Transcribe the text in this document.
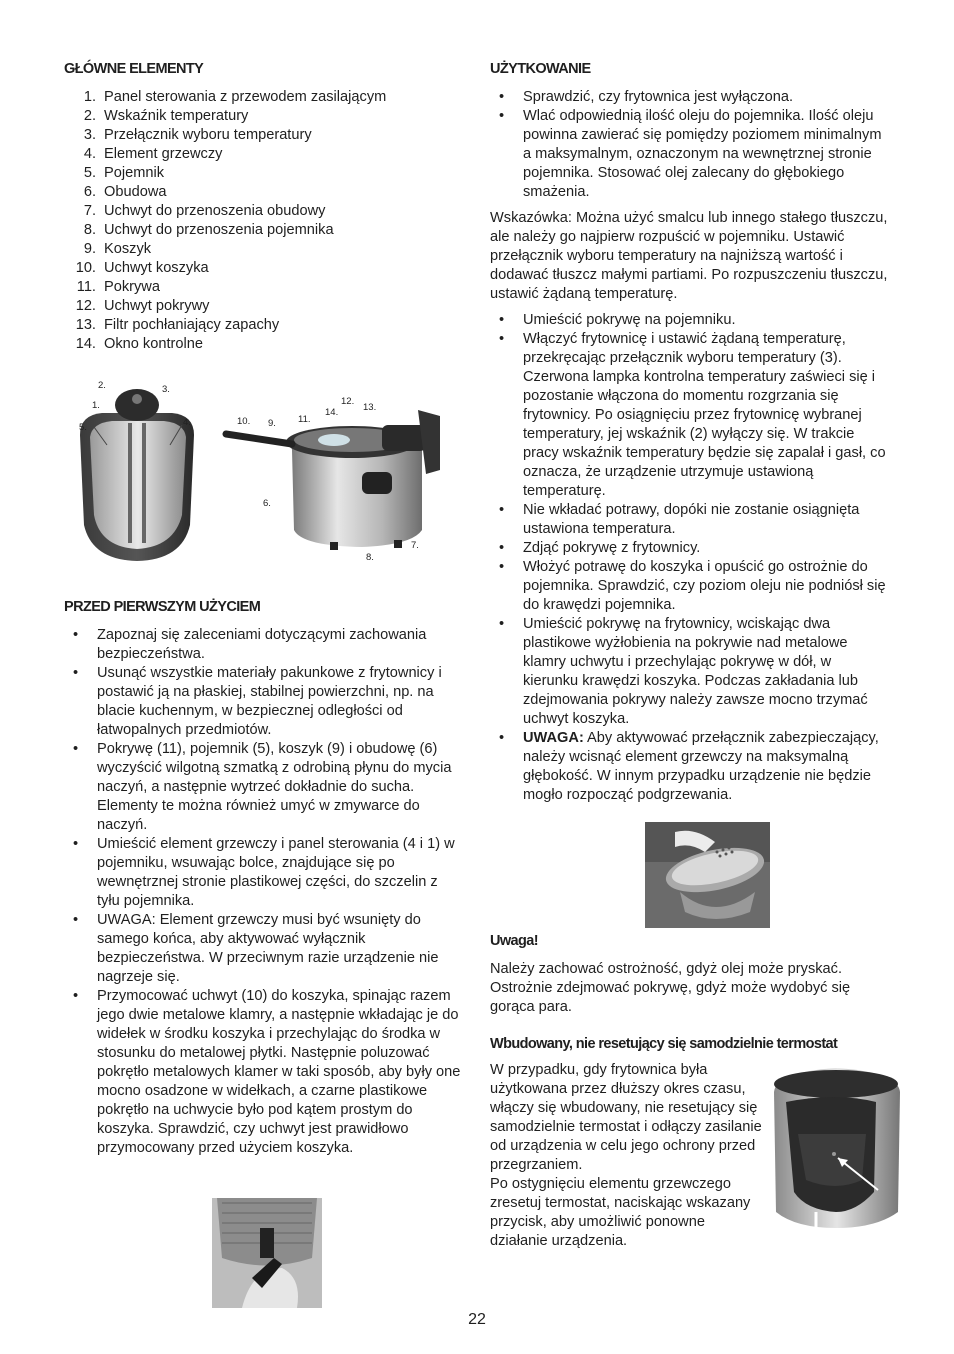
GŁÓWNE ELEMENTY
1. Panel sterowania z przewodem zasilającym
2. Wskaźnik temperatury
3. Przełącznik wyboru temperatury
4. Element grzewczy
5. Pojemnik
6. Obudowa
7. Uchwyt do przenoszenia obudowy
8. Uchwyt do przenoszenia pojemnika
9. Koszyk
10. Uchwyt koszyka
11. Pokrywa
12. Uchwyt pokrywy
13. Filtr pochłaniający zapachy
14. Okno kontrolne
2.	3.
1.
5.	4.
12.
14.	13.
10. 9. 11.
6.
7.
8.
PRZED PIERWSZYM UŻYCIEM
• Zapoznaj się zaleceniami dotyczącymi zachowania bezpieczeństwa.
• Usunąć wszystkie materiały pakunkowe z frytownicy i postawić ją na płaskiej, stabilnej powierzchni, np. na blacie kuchennym, w bezpiecznej odległości od łatwopalnych przedmiotów.
• Pokrywę (11), pojemnik (5), koszyk (9) i obudowę (6) wyczyścić wilgotną szmatką z odrobiną płynu do mycia naczyń, a następnie wytrzeć dokładnie do sucha. Elementy te można również umyć w zmywarce do naczyń.
• Umieścić element grzewczy i panel sterowania (4 i 1) w pojemniku, wsuwając bolce, znajdujące się po wewnętrznej stronie plastikowej części, do szczelin z tyłu pojemnika.
• UWAGA: Element grzewczy musi być wsunięty do samego końca, aby aktywować wyłącznik bezpieczeństwa. W przeciwnym razie urządzenie nie nagrzeje się.
• Przymocować uchwyt (10) do koszyka, spinając razem jego dwie metalowe klamry, a następnie wkładając je do widełek w środku koszyka i przechylając do środka w stosunku do metalowej płytki. Następnie poluzować pokrętło metalowych klamer w taki sposób, aby były one mocno osadzone w widełkach, a czarne plastikowe pokrętło na uchwycie było pod kątem prostym do koszyka. Sprawdzić, czy uchwyt jest prawidłowo przymocowany przed użyciem koszyka.
UŻYTKOWANIE
• Sprawdzić, czy frytownica jest wyłączona.
• Wlać odpowiednią ilość oleju do pojemnika. Ilość oleju powinna zawierać się pomiędzy poziomem minimalnym a maksymalnym, oznaczonym na wewnętrznej stronie pojemnika. Stosować olej zalecany do głębokiego smażenia.

Wskazówka: Można użyć smalcu lub innego stałego tłuszczu, ale należy go najpierw rozpuścić w pojemniku. Ustawić przełącznik wyboru temperatury na najniższą wartość i dodawać tłuszcz małymi partiami. Po rozpuszczeniu tłuszczu, ustawić żądaną temperaturę.

• Umieścić pokrywę na pojemniku.
• Włączyć frytownicę i ustawić żądaną temperaturę, przekręcając przełącznik wyboru temperatury (3). Czerwona lampka kontrolna temperatury zaświeci się i pozostanie włączona do momentu rozgrzania się frytownicy. Po osiągnięciu przez frytownicę wybranej temperatury, jej wskaźnik (2) wyłączy się. W trakcie pracy wskaźnik temperatury będzie się zapalał i gasł, co oznacza, że urządzenie utrzymuje ustawioną temperaturę.
• Nie wkładać potrawy, dopóki nie zostanie osiągnięta ustawiona temperatura.
• Zdjąć pokrywę z frytownicy.
• Włożyć potrawę do koszyka i opuścić go ostrożnie do pojemnika. Sprawdzić, czy poziom oleju nie podniósł się do krawędzi pojemnika.
• Umieścić pokrywę na frytownicy, wciskając dwa plastikowe wyżłobienia na pokrywie nad metalowe klamry uchwytu i przechylając pokrywę w dół, w kierunku krawędzi koszyka. Podczas zakładania lub zdejmowania pokrywy należy zawsze mocno trzymać uchwyt koszyka.
• UWAGA: Aby aktywować przełącznik zabezpieczający, należy wcisnąć element grzewczy na maksymalną głębokość. W innym przypadku urządzenie nie będzie mogło rozpocząć podgrzewania.
Uwaga!

Należy zachować ostrożność, gdyż olej może pryskać. Ostrożnie zdejmować pokrywę, gdyż może wydobyć się gorąca para.

Wbudowany, nie resetujący się samodzielnie termostat

W przypadku, gdy frytownica była użytkowana przez dłuższy okres czasu, włączy się wbudowany, nie resetujący się samodzielnie termostat i odłączy zasilanie od urządzenia w celu jego ochrony przed przegrzaniem.

Po ostygnięciu elementu grzewczego zresetuj termostat, naciskając wskazany przycisk, aby umożliwić ponowne działanie urządzenia.

22
